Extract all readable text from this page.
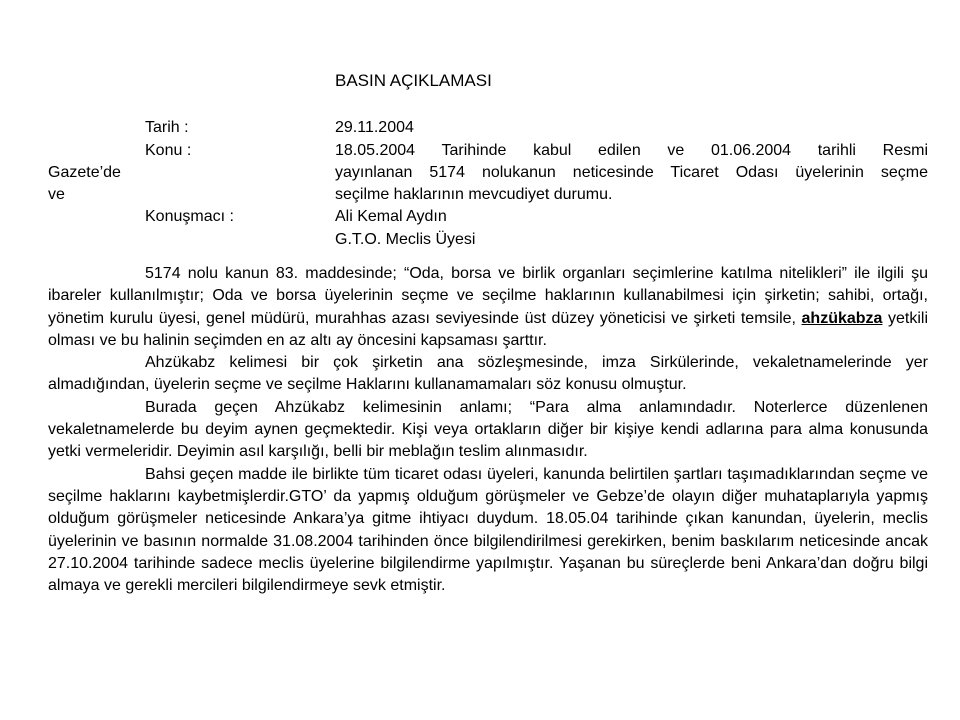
BASIN AÇIKLAMASI
Tarih :	29.11.2004
Konu :
Gazete’de
ve
18.05.2004 Tarihinde kabul edilen ve 01.06.2004 tarihli Resmi
yayınlanan 5174 nolukanun neticesinde Ticaret Odası üyelerinin seçme
seçilme haklarının mevcudiyet durumu.
Konuşmacı :	Ali Kemal Aydın
G.T.O. Meclis Üyesi

5174 nolu kanun 83. maddesinde; “Oda, borsa ve birlik organları seçimlerine katılma nitelikleri” ile ilgili şu ibareler kullanılmıştır; Oda ve borsa üyelerinin seçme ve seçilme haklarının kullanabilmesi için şirketin; sahibi, ortağı, yönetim kurulu üyesi, genel müdürü, murahhas azası seviyesinde üst düzey yöneticisi ve şirketi temsile, ahzükabza yetkili olması ve bu halinin seçimden en az altı ay öncesini kapsaması şarttır.

Ahzükabz kelimesi bir çok şirketin ana sözleşmesinde, imza Sirkülerinde, vekaletnamelerinde yer almadığından, üyelerin seçme ve seçilme Haklarını kullanamamaları söz konusu olmuştur.

Burada geçen Ahzükabz kelimesinin anlamı; “Para alma anlamındadır. Noterlerce düzenlenen vekaletnamelerde bu deyim aynen geçmektedir. Kişi veya ortakların diğer bir kişiye kendi adlarına para alma konusunda yetki vermeleridir. Deyimin asıl karşılığı, belli bir meblağın teslim alınmasıdır.

Bahsi geçen madde ile birlikte tüm ticaret odası üyeleri, kanunda belirtilen şartları taşımadıklarından seçme ve seçilme haklarını kaybetmişlerdir.GTO’ da yapmış olduğum görüşmeler ve Gebze’de olayın diğer muhataplarıyla yapmış olduğum görüşmeler neticesinde Ankara’ya gitme ihtiyacı duydum. 18.05.04 tarihinde çıkan kanundan, üyelerin, meclis üyelerinin ve basının normalde 31.08.2004 tarihinden önce bilgilendirilmesi gerekirken, benim baskılarım neticesinde ancak 27.10.2004 tarihinde sadece meclis üyelerine bilgilendirme yapılmıştır. Yaşanan bu süreçlerde beni Ankara’dan doğru bilgi almaya ve gerekli mercileri bilgilendirmeye sevk etmiştir.
